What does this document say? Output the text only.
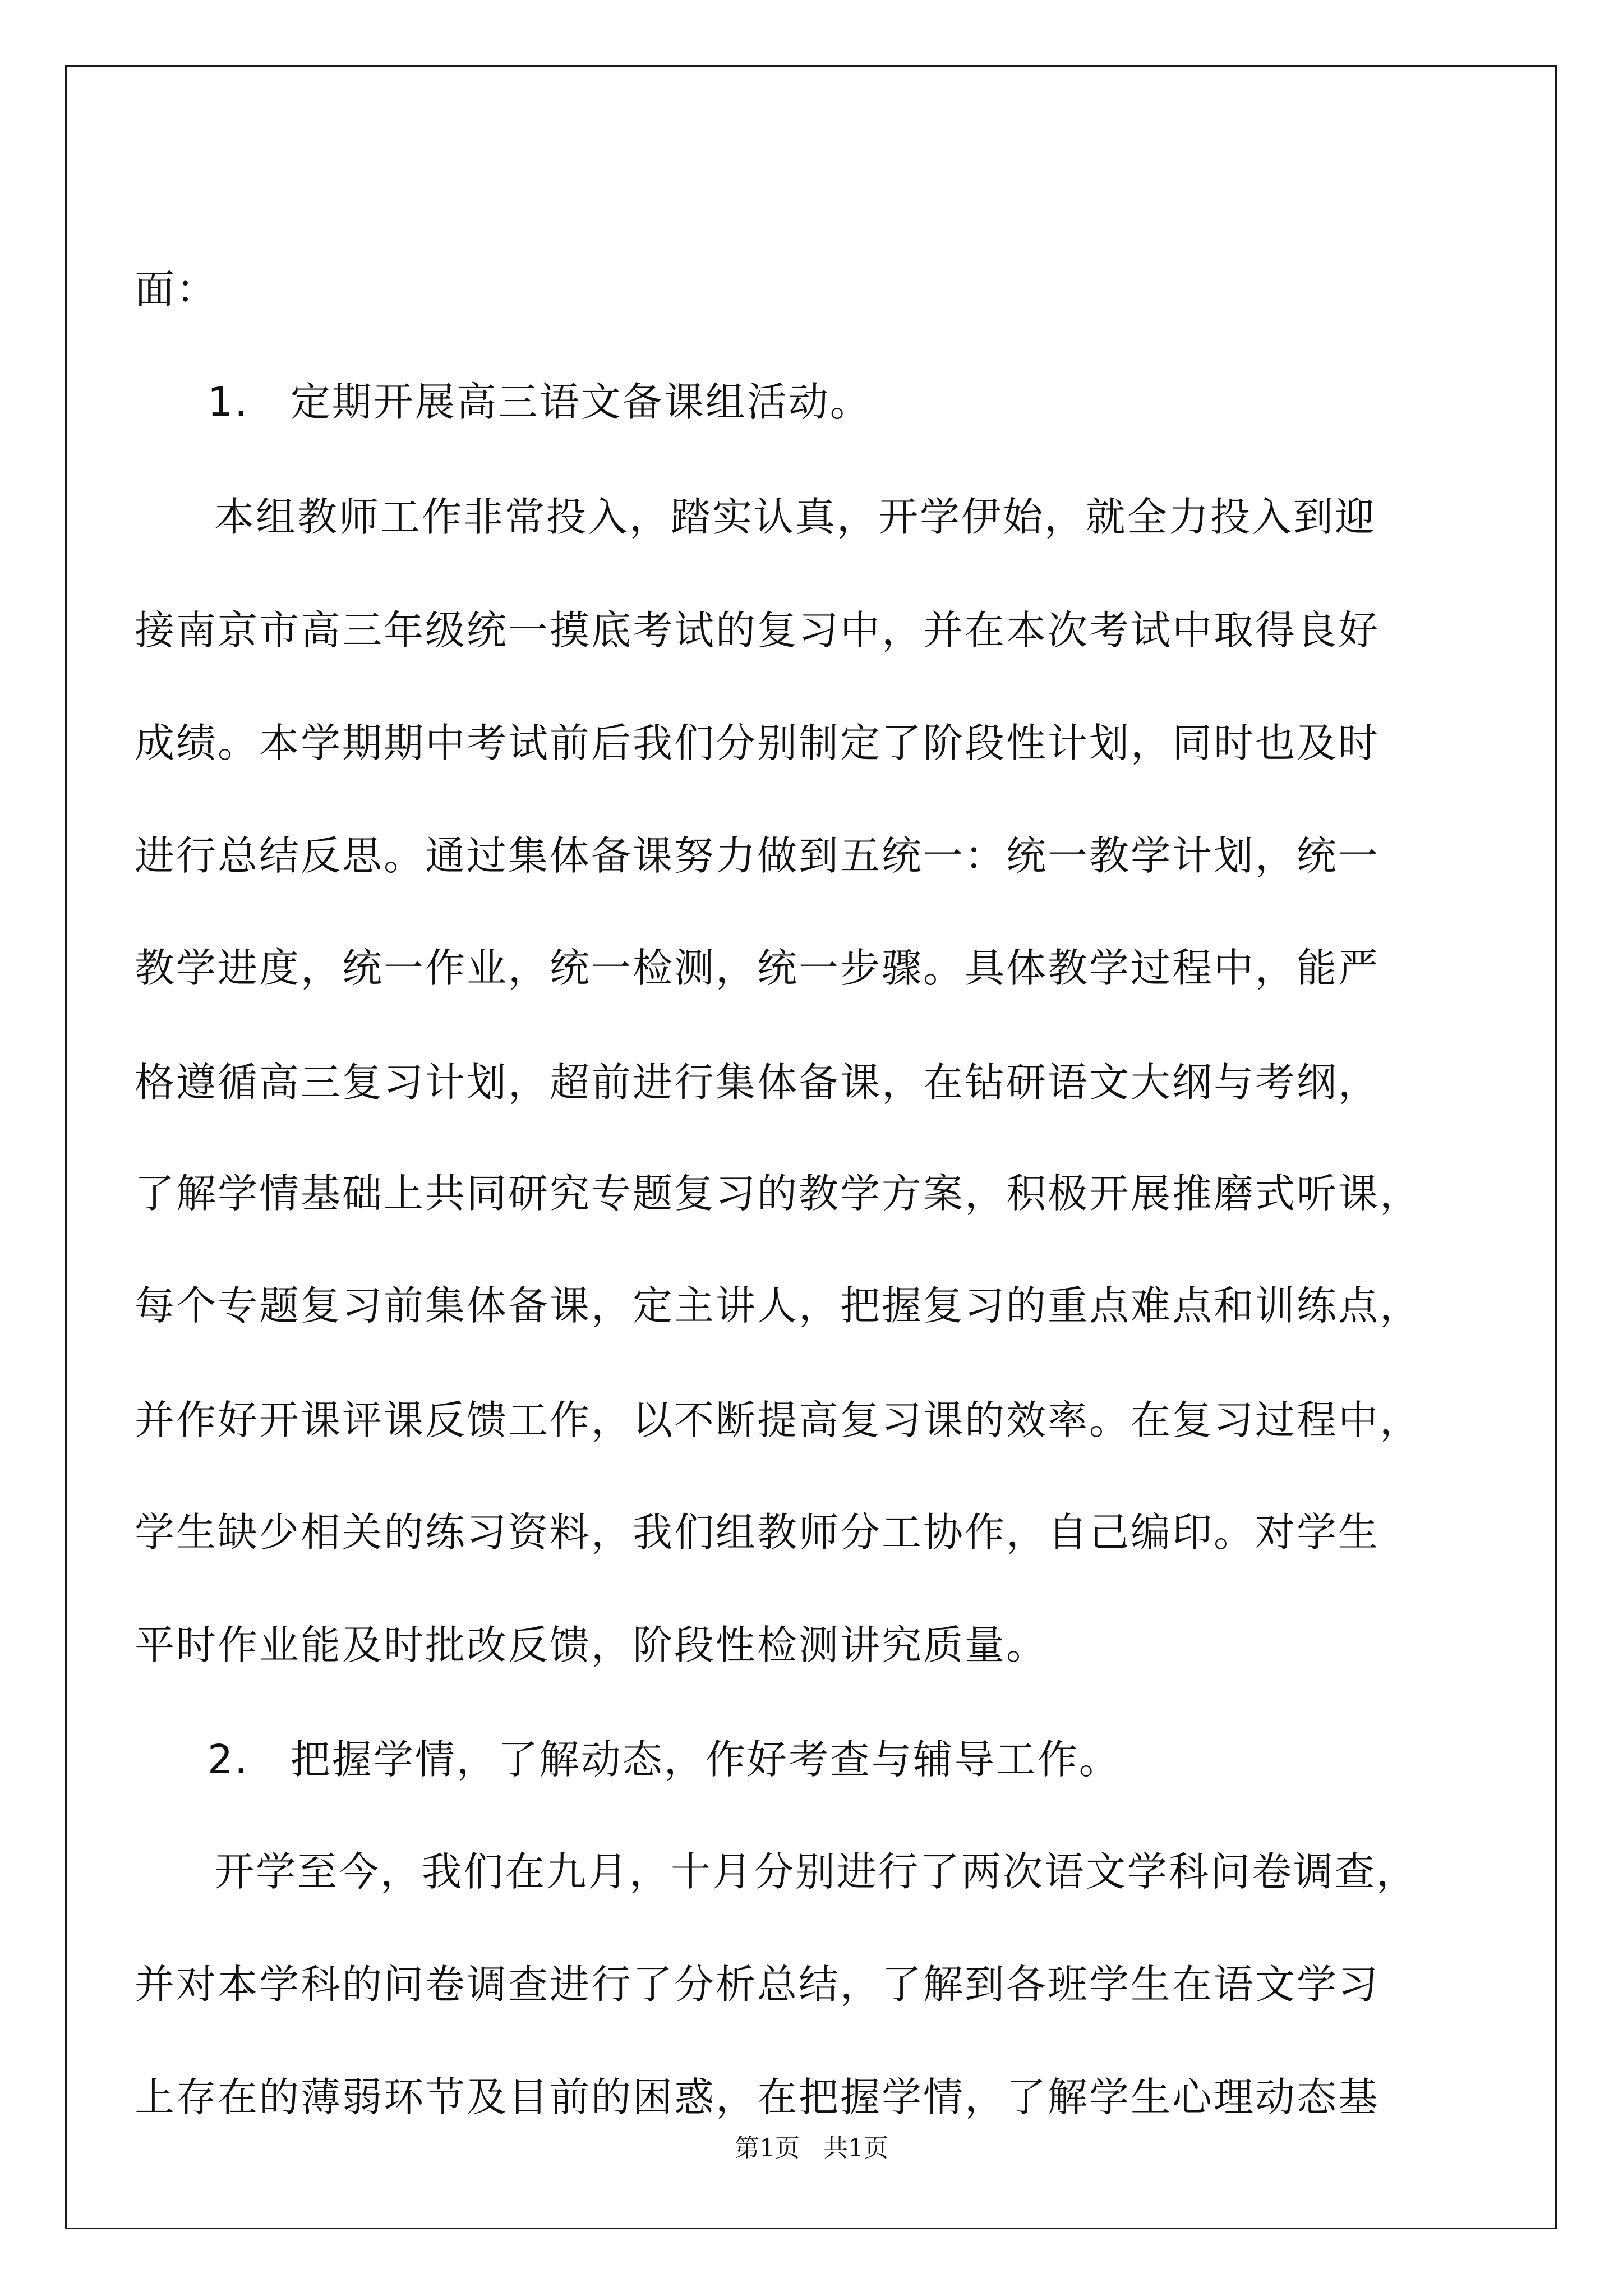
面：
1.　定期开展高三语文备课组活动。
本组教师工作非常投入，踏实认真，开学伊始，就全力投入到迎
接南京市高三年级统一摸底考试的复习中，并在本次考试中取得良好
成绩。本学期期中考试前后我们分别制定了阶段性计划，同时也及时
进行总结反思。通过集体备课努力做到五统一：统一教学计划，统一
教学进度，统一作业，统一检测，统一步骤。具体教学过程中，能严
格遵循高三复习计划，超前进行集体备课，在钻研语文大纲与考纲，
了解学情基础上共同研究专题复习的教学方案，积极开展推磨式听课，
每个专题复习前集体备课，定主讲人，把握复习的重点难点和训练点，
并作好开课评课反馈工作，以不断提高复习课的效率。在复习过程中，
学生缺少相关的练习资料，我们组教师分工协作，自己编印。对学生
平时作业能及时批改反馈，阶段性检测讲究质量。
2.　把握学情，了解动态，作好考查与辅导工作。
开学至今，我们在九月，十月分别进行了两次语文学科问卷调查，
并对本学科的问卷调查进行了分析总结，了解到各班学生在语文学习
上存在的薄弱环节及目前的困惑，在把握学情，了解学生心理动态基
第1页 共1页
